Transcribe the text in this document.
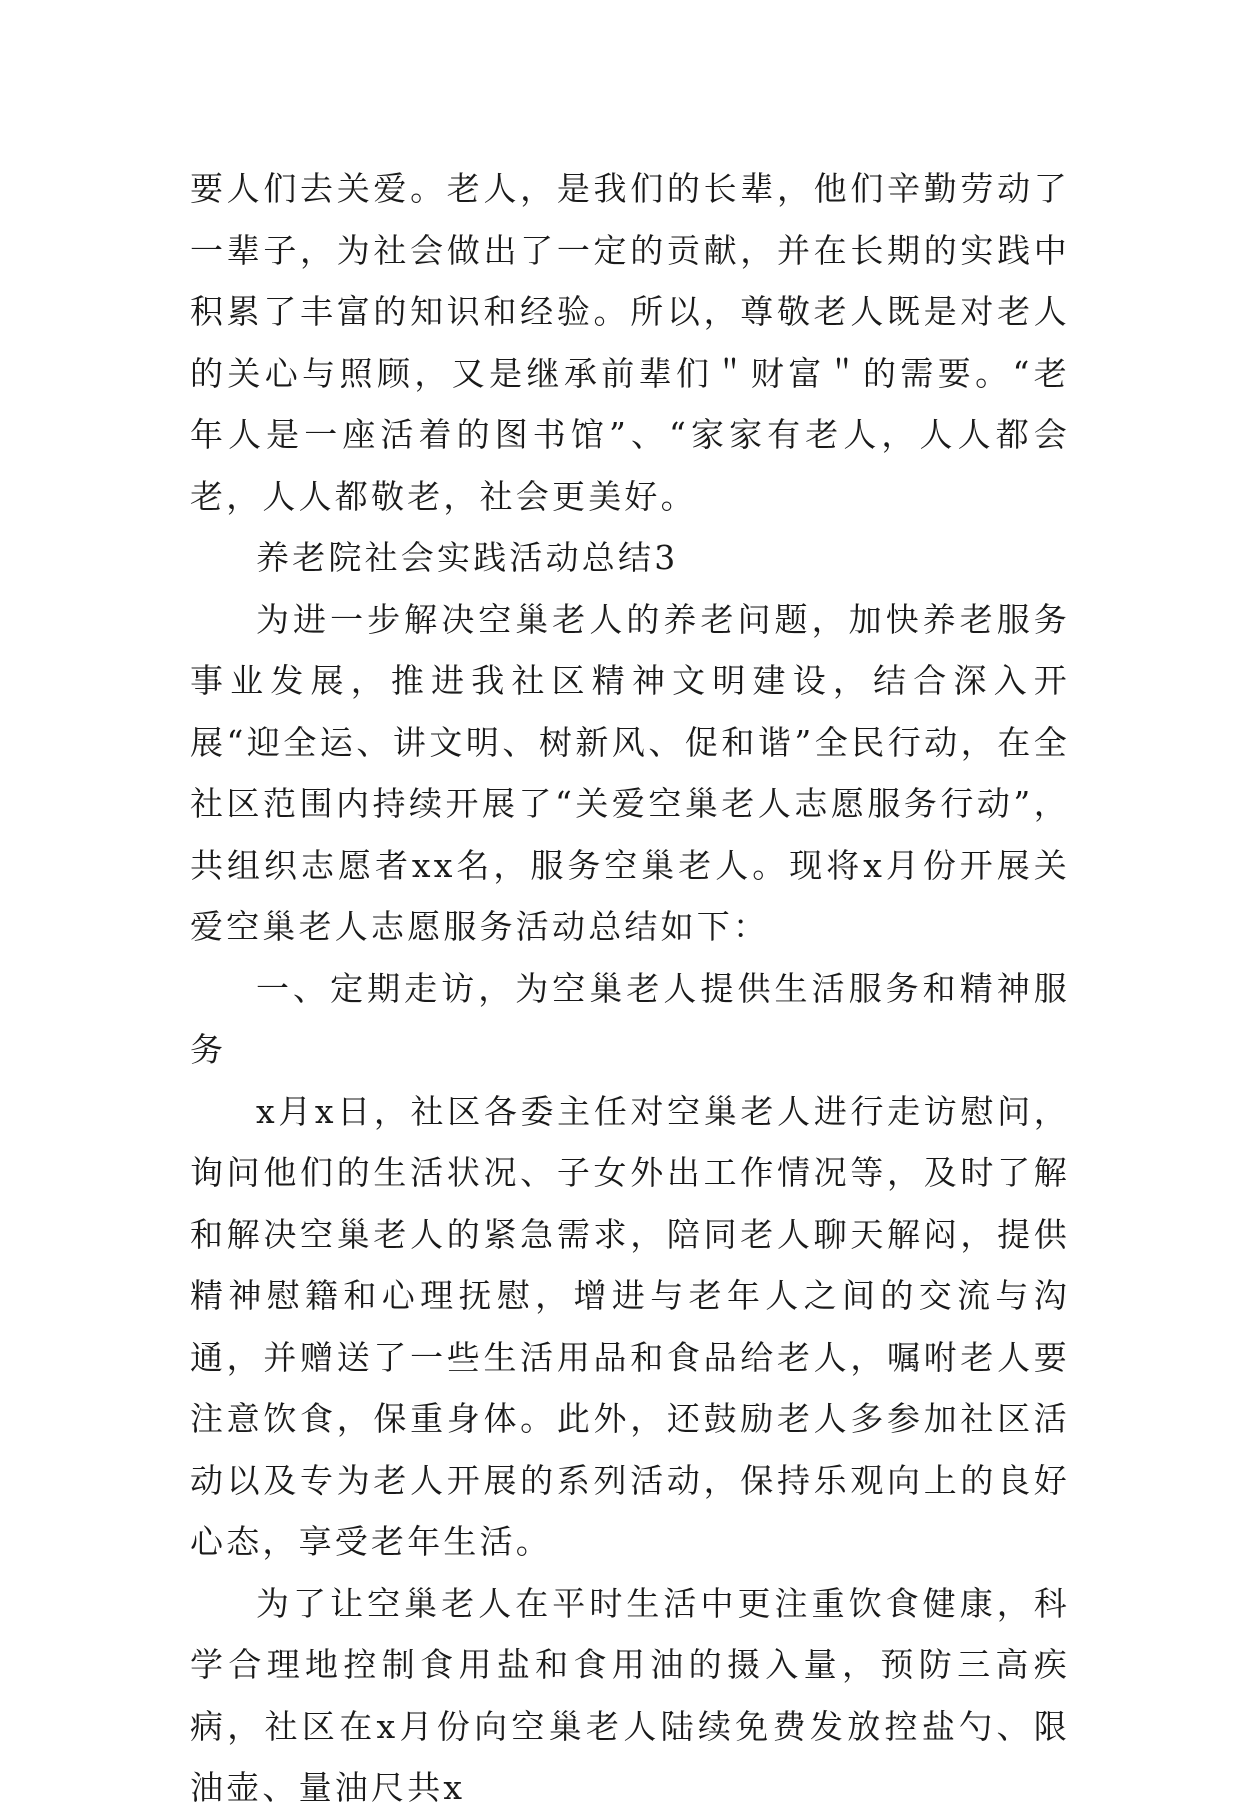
要人们去关爱。老人，是我们的长辈，他们辛勤劳动了一辈子，为社会做出了一定的贡献，并在长期的实践中积累了丰富的知识和经验。所以，尊敬老人既是对老人的关心与照顾，又是继承前辈们＂财富＂的需要。“老年人是一座活着的图书馆”、“家家有老人，人人都会老，人人都敬老，社会更美好。

养老院社会实践活动总结3

为进一步解决空巢老人的养老问题，加快养老服务事业发展，推进我社区精神文明建设，结合深入开展“迎全运、讲文明、树新风、促和谐”全民行动，在全社区范围内持续开展了“关爱空巢老人志愿服务行动”，共组织志愿者xx名，服务空巢老人。现将x月份开展关爱空巢老人志愿服务活动总结如下：

一、定期走访，为空巢老人提供生活服务和精神服务

x月x日，社区各委主任对空巢老人进行走访慰问，询问他们的生活状况、子女外出工作情况等，及时了解和解决空巢老人的紧急需求，陪同老人聊天解闷，提供精神慰籍和心理抚慰，增进与老年人之间的交流与沟通，并赠送了一些生活用品和食品给老人，嘱咐老人要注意饮食，保重身体。此外，还鼓励老人多参加社区活动以及专为老人开展的系列活动，保持乐观向上的良好心态，享受老年生活。

为了让空巢老人在平时生活中更注重饮食健康，科学合理地控制食用盐和食用油的摄入量，预防三高疾病，社区在x月份向空巢老人陆续免费发放控盐勺、限油壶、量油尺共x
